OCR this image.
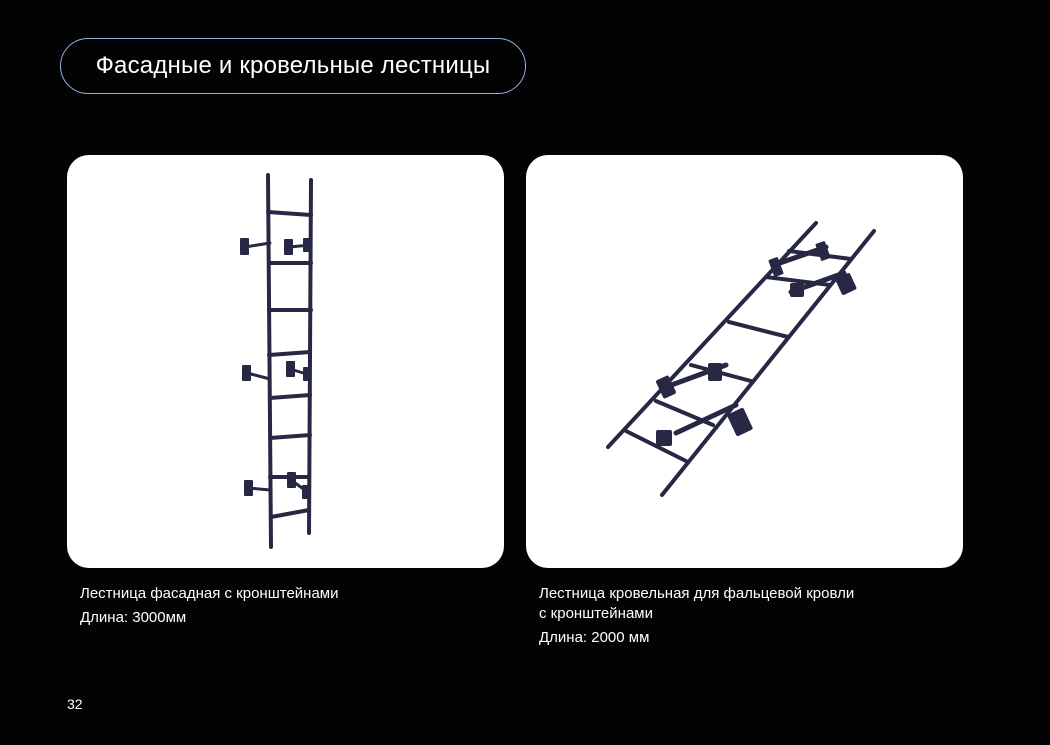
Фасадные и кровельные лестницы
Лестница фасадная с кронштейнами
Длина: 3000мм
Лестница кровельная для фальцевой кровли
с кронштейнами
Длина: 2000 мм
32
